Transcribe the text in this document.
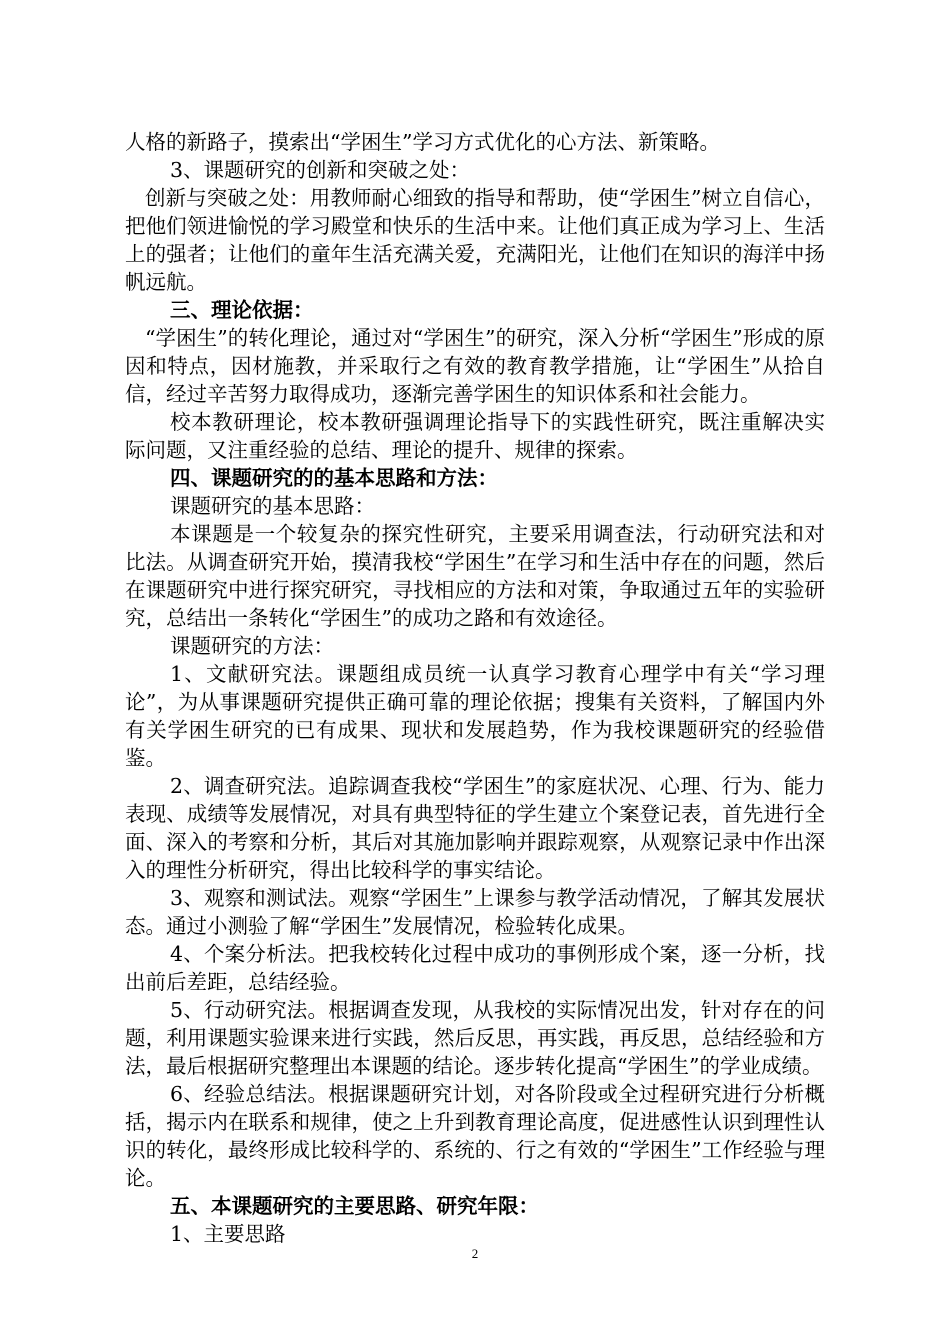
人格的新路子，摸索出“学困生”学习方式优化的心方法、新策略。

3、课题研究的创新和突破之处：

创新与突破之处：用教师耐心细致的指导和帮助，使“学困生”树立自信心，把他们领进愉悦的学习殿堂和快乐的生活中来。让他们真正成为学习上、生活上的强者；让他们的童年生活充满关爱，充满阳光，让他们在知识的海洋中扬帆远航。

三、理论依据：

“学困生”的转化理论，通过对“学困生”的研究，深入分析“学困生”形成的原因和特点，因材施教，并采取行之有效的教育教学措施，让“学困生”从拾自信，经过辛苦努力取得成功，逐渐完善学困生的知识体系和社会能力。

校本教研理论，校本教研强调理论指导下的实践性研究，既注重解决实际问题，又注重经验的总结、理论的提升、规律的探索。

四、课题研究的的基本思路和方法：

课题研究的基本思路：

本课题是一个较复杂的探究性研究，主要采用调查法，行动研究法和对比法。从调查研究开始，摸清我校“学困生”在学习和生活中存在的问题，然后在课题研究中进行探究研究，寻找相应的方法和对策，争取通过五年的实验研究，总结出一条转化“学困生”的成功之路和有效途径。

课题研究的方法：

1、文献研究法。课题组成员统一认真学习教育心理学中有关“学习理论”，为从事课题研究提供正确可靠的理论依据；搜集有关资料，了解国内外有关学困生研究的已有成果、现状和发展趋势，作为我校课题研究的经验借鉴。

2、调查研究法。追踪调查我校“学困生”的家庭状况、心理、行为、能力表现、成绩等发展情况，对具有典型特征的学生建立个案登记表，首先进行全面、深入的考察和分析，其后对其施加影响并跟踪观察，从观察记录中作出深入的理性分析研究，得出比较科学的事实结论。

3、观察和测试法。观察“学困生”上课参与教学活动情况，了解其发展状态。通过小测验了解“学困生”发展情况，检验转化成果。

4、个案分析法。把我校转化过程中成功的事例形成个案，逐一分析，找出前后差距，总结经验。

5、行动研究法。根据调查发现，从我校的实际情况出发，针对存在的问题，利用课题实验课来进行实践，然后反思，再实践，再反思，总结经验和方法，最后根据研究整理出本课题的结论。逐步转化提高“学困生”的学业成绩。

6、经验总结法。根据课题研究计划，对各阶段或全过程研究进行分析概括，揭示内在联系和规律，使之上升到教育理论高度，促进感性认识到理性认识的转化，最终形成比较科学的、系统的、行之有效的“学困生”工作经验与理论。

五、本课题研究的主要思路、研究年限：

1、主要思路

2
